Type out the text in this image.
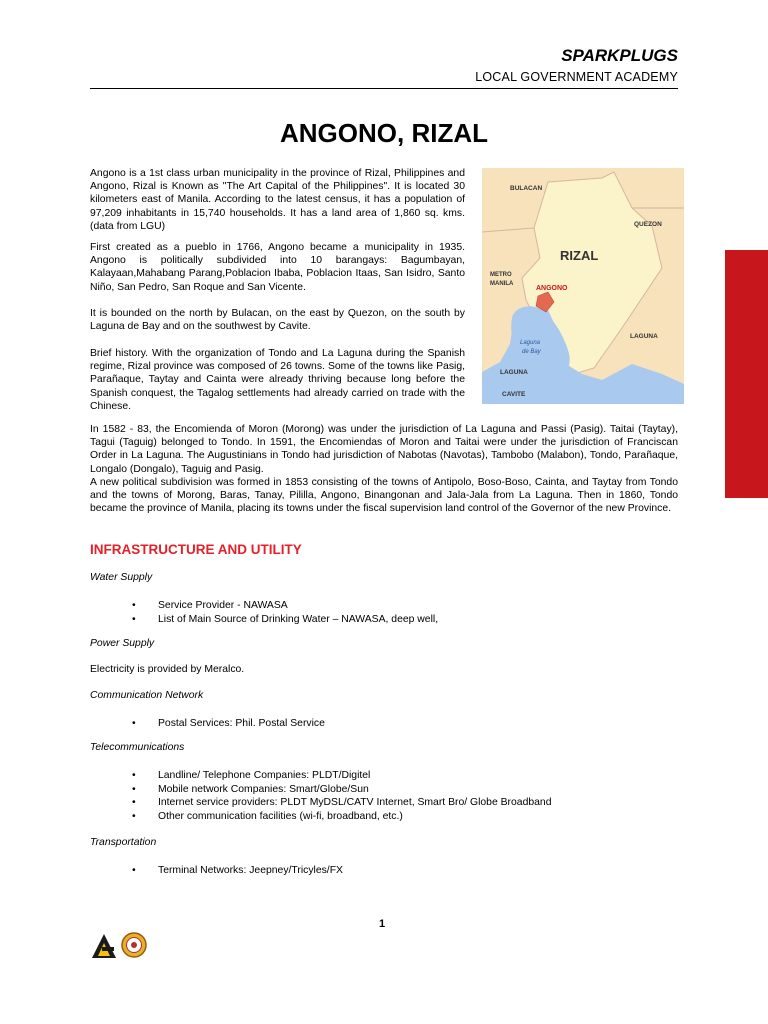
SPARKPLUGS
LOCAL GOVERNMENT ACADEMY
ANGONO, RIZAL

Angono is a 1st class urban municipality in the province of Rizal, Philippines and Angono, Rizal is Known as "The Art Capital of the Philippines". It is located 30 kilometers east of Manila. According to the latest census, it has a population of 97,209 inhabitants in 15,740 households. It has a land area of 1,860 sq. kms. (data from LGU)

First created as a pueblo in 1766, Angono became a municipality in 1935. Angono is politically subdivided into 10 barangays: Bagumbayan, Kalayaan,Mahabang Parang,Poblacion Ibaba, Poblacion Itaas, San Isidro, Santo Niño, San Pedro, San Roque and San Vicente.

It is bounded on the north by Bulacan, on the east by Quezon, on the south by Laguna de Bay and on the southwest by Cavite.

Brief history. With the organization of Tondo and La Laguna during the Spanish regime, Rizal province was composed of 26 towns. Some of the towns like Pasig, Parañaque, Taytay and Cainta were already thriving because long before the Spanish conquest, the Tagalog settlements had already carried on trade with the Chinese.

In 1582 - 83, the Encomienda of Moron (Morong) was under the jurisdiction of La Laguna and Passi (Pasig). Taitai (Taytay), Tagui (Taguig) belonged to Tondo. In 1591, the Encomiendas of Moron and Taitai were under the jurisdiction of Franciscan Order in La Laguna. The Augustinians in Tondo had jurisdiction of Nabotas (Navotas), Tambobo (Malabon), Tondo, Parañaque, Longalo (Dongalo), Taguig and Pasig.
A new political subdivision was formed in 1853 consisting of the towns of Antipolo, Boso-Boso, Cainta, and Taytay from Tondo and the towns of Morong, Baras, Tanay, Pililla, Angono, Binangonan and Jala-Jala from La Laguna. Then in 1860, Tondo became the province of Manila, placing its towns under the fiscal supervision land control of the Governor of the new Province.

BULACAN
QUEZON
RIZAL
METRO
MANILA
ANGONO
Laguna
de Bay
LAGUNA
LAGUNA
CAVITE
INFRASTRUCTURE AND UTILITY
Water Supply
• Service Provider - NAWASA
• List of Main Source of Drinking Water – NAWASA, deep well,
Power Supply
Electricity is provided by Meralco.
Communication Network
• Postal Services: Phil. Postal Service
Telecommunications
• Landline/ Telephone Companies: PLDT/Digitel
• Mobile network Companies: Smart/Globe/Sun
• Internet service providers: PLDT MyDSL/CATV Internet, Smart Bro/ Globe Broadband
• Other communication facilities (wi-fi, broadband, etc.)
Transportation
• Terminal Networks: Jeepney/Tricyles/FX
1
